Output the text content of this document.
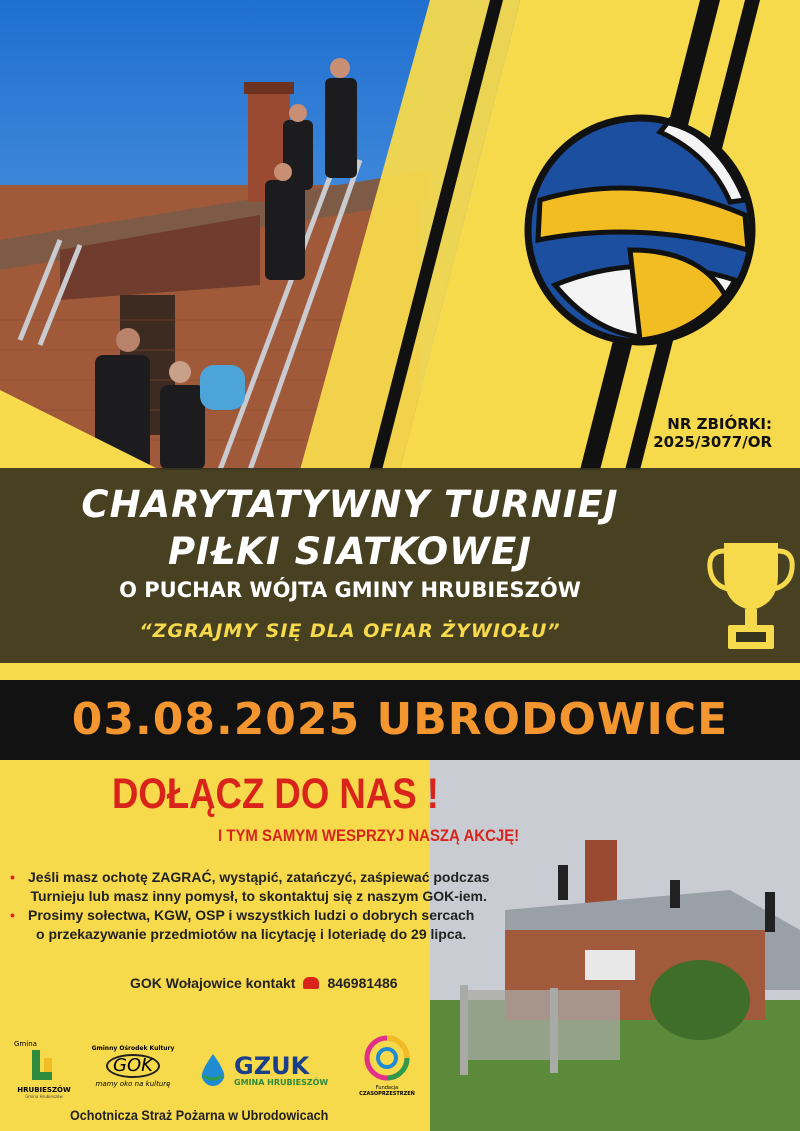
NR ZBIÓRKI:
2025/3077/OR
CHARYTATYWNY TURNIEJ
PIŁKI SIATKOWEJ
O PUCHAR WÓJTA GMINY HRUBIESZÓW
“ZGRAJMY SIĘ DLA OFIAR ŻYWIOŁU”
03.08.2025 UBRODOWICE
DOŁĄCZ DO NAS !
I TYM SAMYM WESPRZYJ NASZĄ AKCJĘ!
• Jeśli masz ochotę ZAGRAĆ, wystąpić, zatańczyć, zaśpiewać podczas
Turnieju lub masz inny pomysł, to skontaktuj się z naszym GOK-iem.
• Prosimy sołectwa, KGW, OSP i wszystkich ludzi o dobrych sercach
o przekazywanie przedmiotów na licytację i loteriadę do 29 lipca.
GOK Wołajowice kontakt 846981486
Gmina
HRUBIESZÓW
Gmina Hrubieszów
Gminny Ośrodek Kultury
GOK
mamy oko na kulturę
GZUK
GMINA HRUBIESZÓW
Fundacja
CZASOPRZESTRZEŃ
Ochotnicza Straż Pożarna w Ubrodowicach
